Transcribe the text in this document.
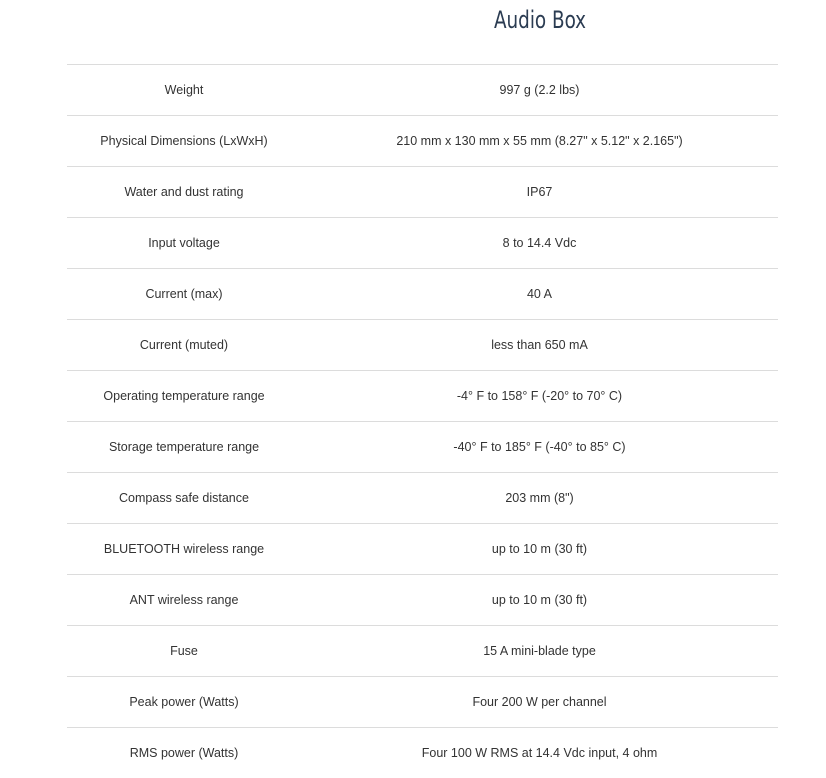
Audio Box
Weight	997 g (2.2 lbs)
Physical Dimensions (LxWxH)	210 mm x 130 mm x 55 mm (8.27" x 5.12" x 2.165")
Water and dust rating	IP67
Input voltage	8 to 14.4 Vdc
Current (max)	40 A
Current (muted)	less than 650 mA
Operating temperature range	-4° F to 158° F (-20° to 70° C)
Storage temperature range	-40° F to 185° F (-40° to 85° C)
Compass safe distance	203 mm (8")
BLUETOOTH wireless range	up to 10 m (30 ft)
ANT wireless range	up to 10 m (30 ft)
Fuse	15 A mini-blade type
Peak power (Watts)	Four 200 W per channel
RMS power (Watts)	Four 100 W RMS at 14.4 Vdc input, 4 ohm
